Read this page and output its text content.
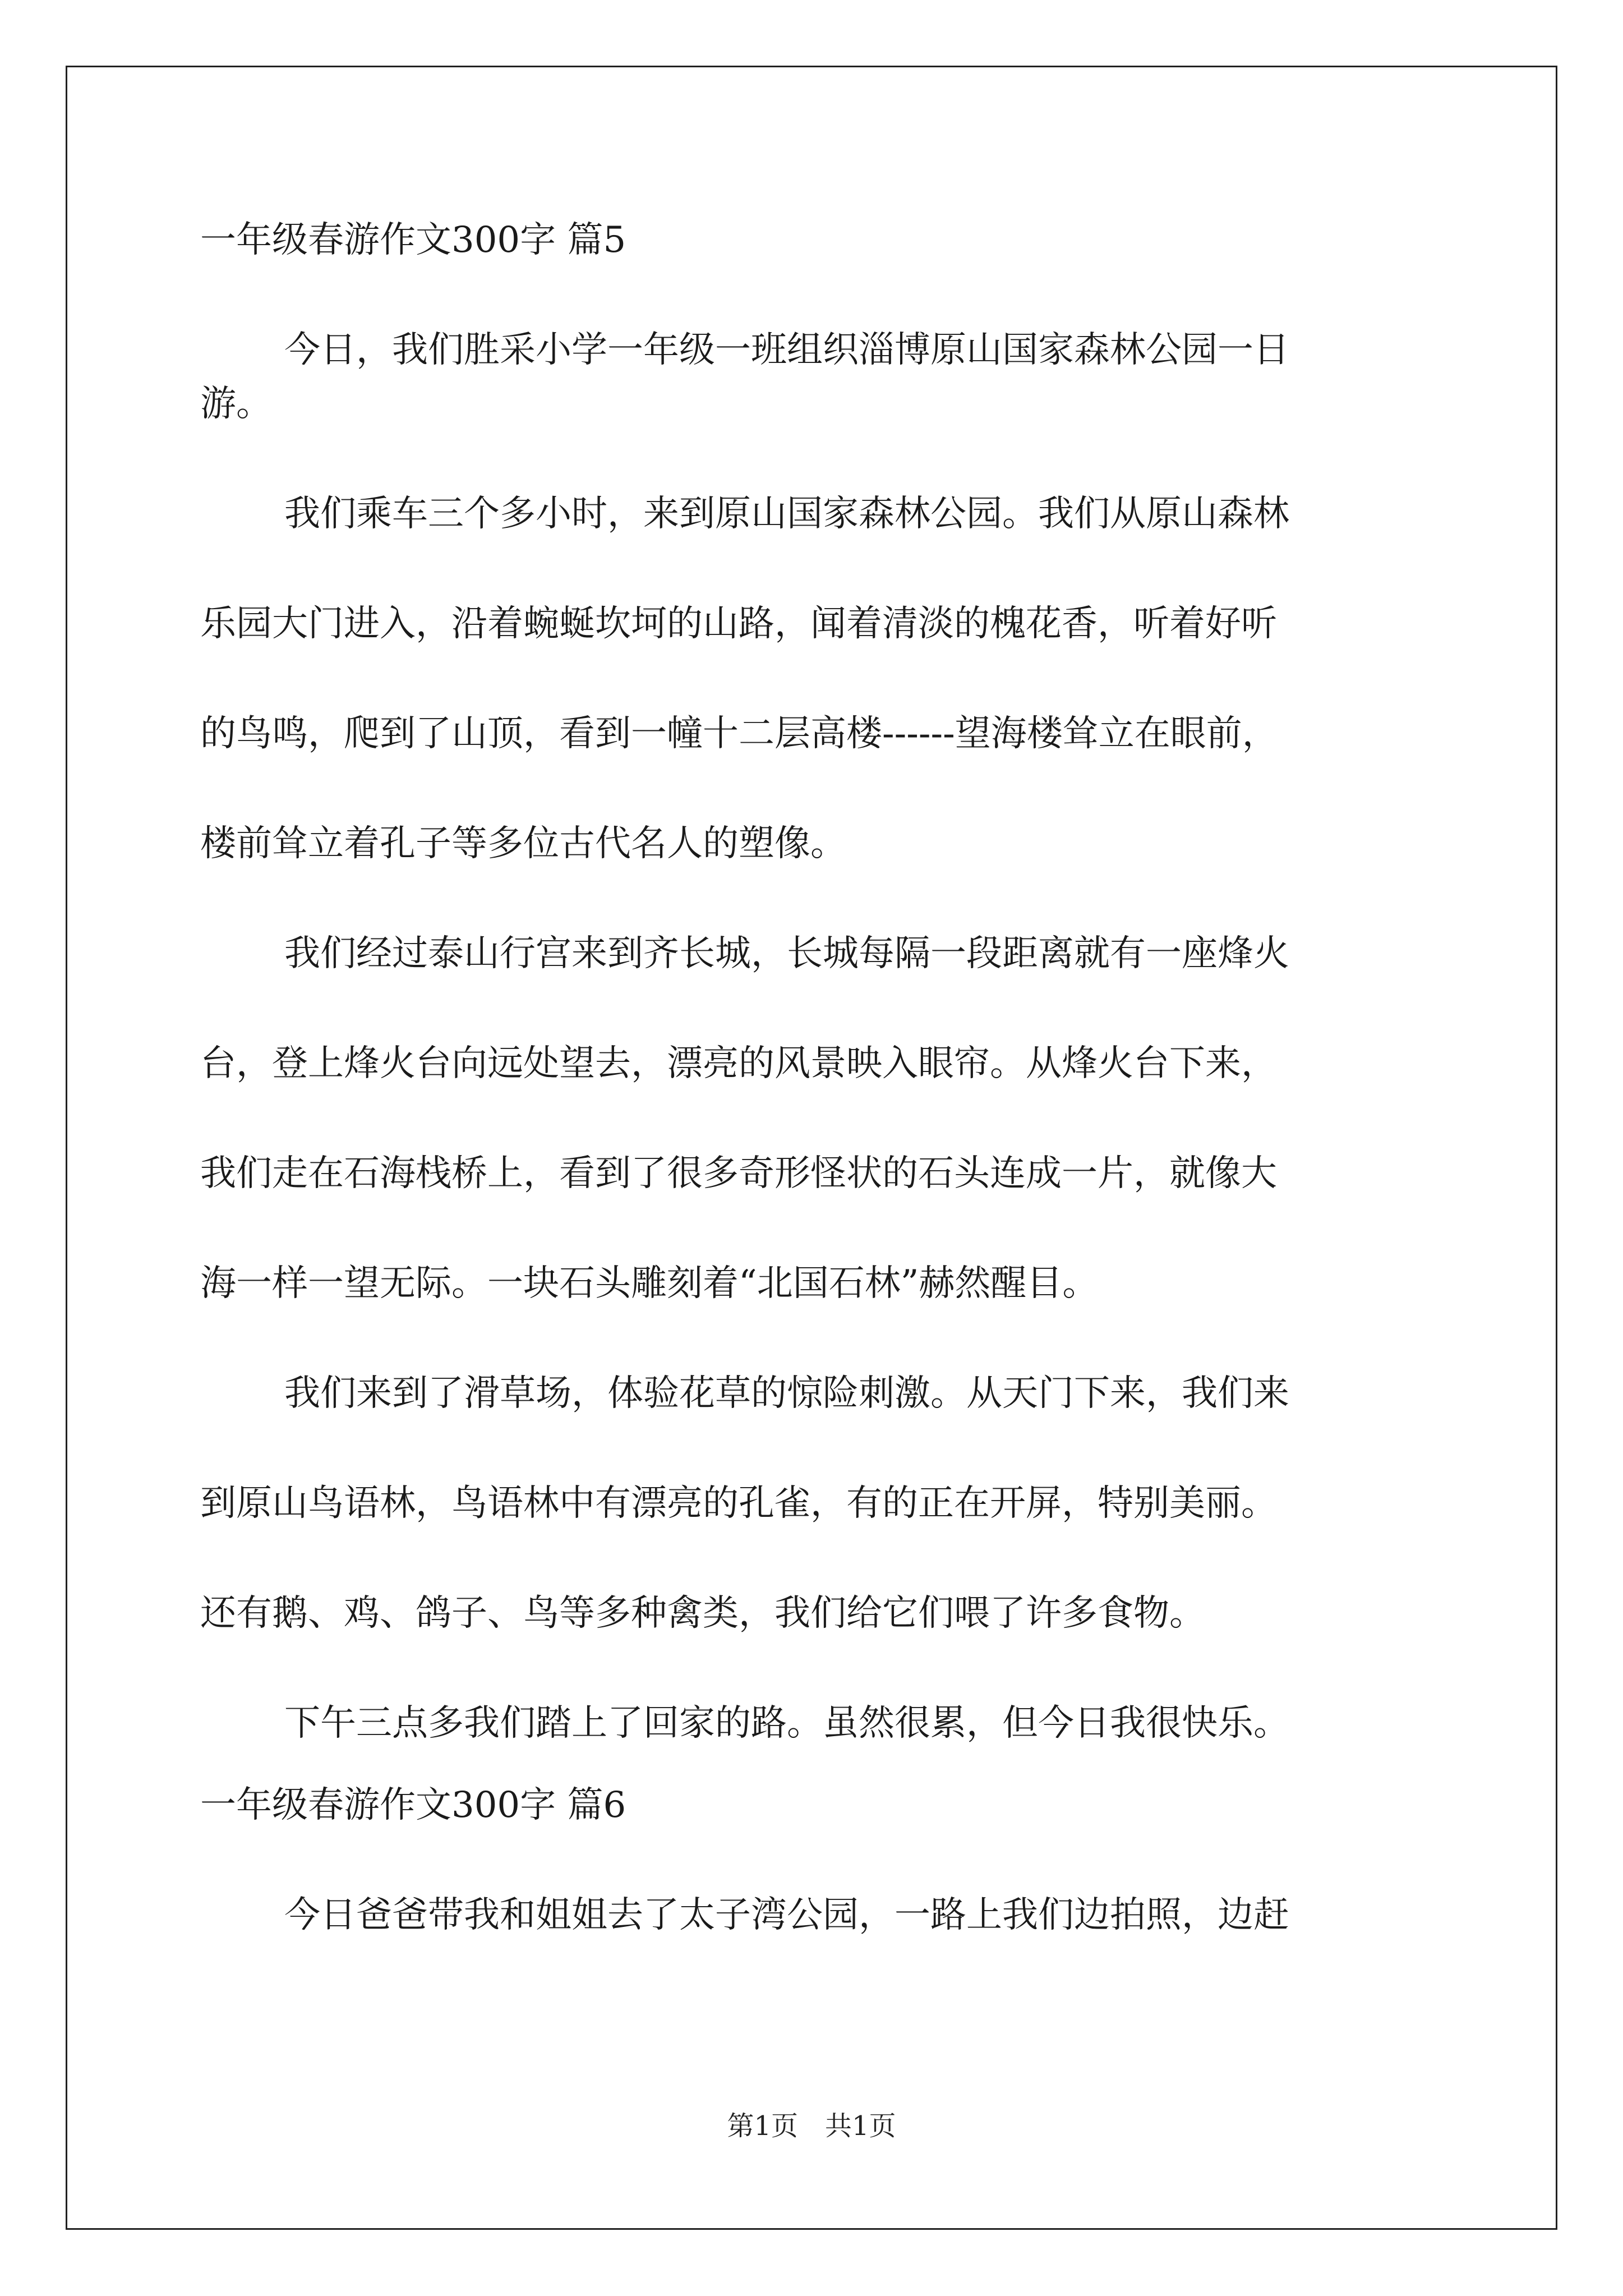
一年级春游作文300字 篇5
今日，我们胜采小学一年级一班组织淄博原山国家森林公园一日
游。
我们乘车三个多小时，来到原山国家森林公园。我们从原山森林
乐园大门进入，沿着蜿蜒坎坷的山路，闻着清淡的槐花香，听着好听
的鸟鸣，爬到了山顶，看到一幢十二层高楼------望海楼耸立在眼前，
楼前耸立着孔子等多位古代名人的塑像。
我们经过泰山行宫来到齐长城，长城每隔一段距离就有一座烽火
台，登上烽火台向远处望去，漂亮的风景映入眼帘。从烽火台下来，
我们走在石海栈桥上，看到了很多奇形怪状的石头连成一片，就像大
海一样一望无际。一块石头雕刻着“北国石林”赫然醒目。
我们来到了滑草场，体验花草的惊险刺激。从天门下来，我们来
到原山鸟语林，鸟语林中有漂亮的孔雀，有的正在开屏，特别美丽。
还有鹅、鸡、鸽子、鸟等多种禽类，我们给它们喂了许多食物。
下午三点多我们踏上了回家的路。虽然很累，但今日我很快乐。
一年级春游作文300字 篇6
今日爸爸带我和姐姐去了太子湾公园，一路上我们边拍照，边赶
第1页　共1页
